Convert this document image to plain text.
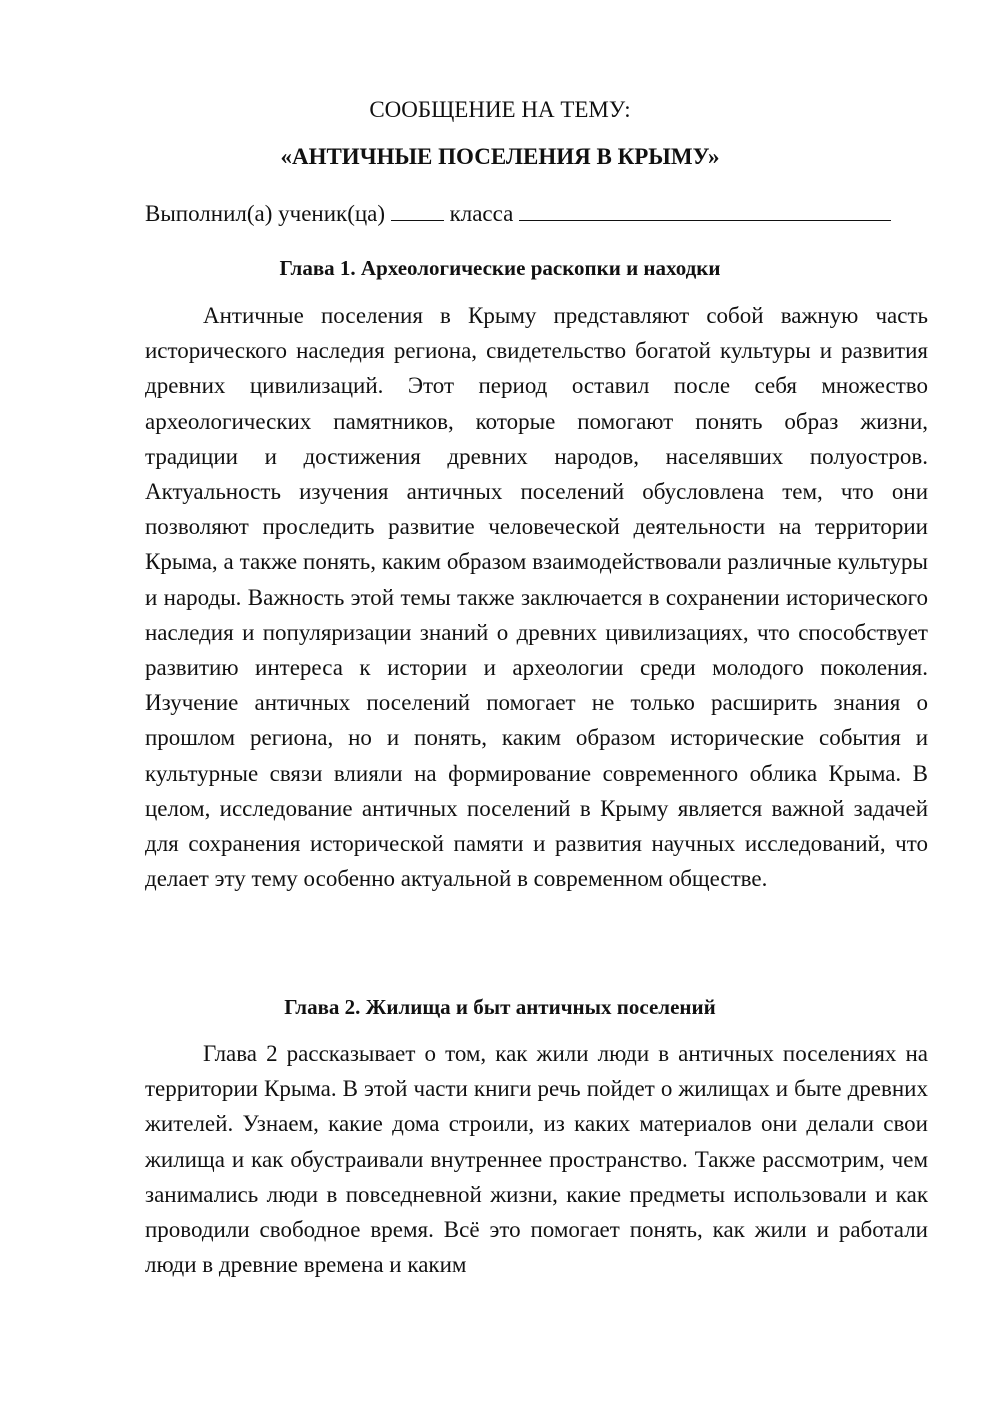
СООБЩЕНИЕ НА ТЕМУ:

«АНТИЧНЫЕ ПОСЕЛЕНИЯ В КРЫМУ»

Выполнил(а) ученик(ца)	класса

Глава 1. Археологические раскопки и находки

Античные поселения в Крыму представляют собой важную часть исторического наследия региона, свидетельство богатой культуры и развития древних цивилизаций. Этот период оставил после себя множество археологических памятников, которые помогают понять образ жизни, традиции и достижения древних народов, населявших полуостров. Актуальность изучения античных поселений обусловлена тем, что они позволяют проследить развитие человеческой деятельности на территории Крыма, а также понять, каким образом взаимодействовали различные культуры и народы. Важность этой темы также заключается в сохранении исторического наследия и популяризации знаний о древних цивилизациях, что способствует развитию интереса к истории и археологии среди молодого поколения. Изучение античных поселений помогает не только расширить знания о прошлом региона, но и понять, каким образом исторические события и культурные связи влияли на формирование современного облика Крыма. В целом, исследование античных поселений в Крыму является важной задачей для сохранения исторической памяти и развития научных исследований, что делает эту тему особенно актуальной в современном обществе.

Глава 2. Жилища и быт античных поселений

Глава 2 рассказывает о том, как жили люди в античных поселениях на территории Крыма. В этой части книги речь пойдет о жилищах и быте древних жителей. Узнаем, какие дома строили, из каких материалов они делали свои жилища и как обустраивали внутреннее пространство. Также рассмотрим, чем занимались люди в повседневной жизни, какие предметы использовали и как проводили свободное время. Всё это помогает понять, как жили и работали люди в древние времена и каким
